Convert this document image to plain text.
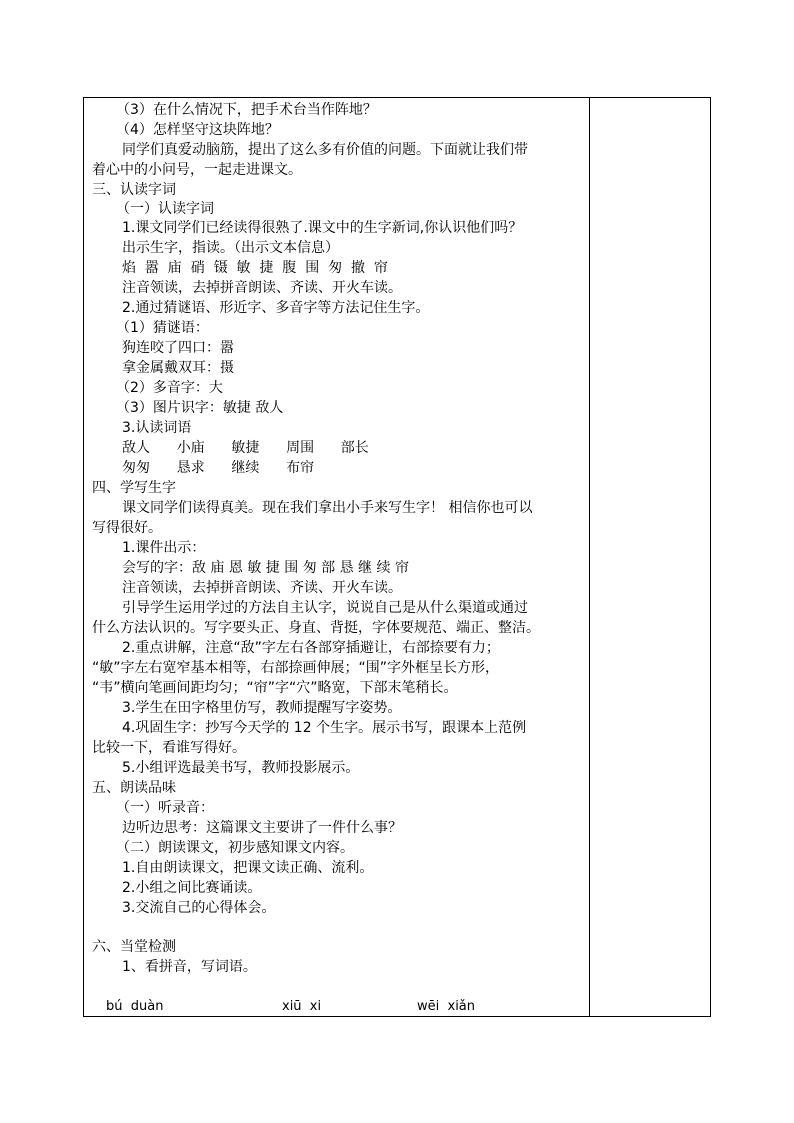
（3）在什么情况下，把手术台当作阵地？
（4）怎样坚守这块阵地？
同学们真爱动脑筋，提出了这么多有价值的问题。下面就让我们带
着心中的小问号，一起走进课文。
三、认读字词
（一）认读字词
1.课文同学们已经读得很熟了.课文中的生字新词,你认识他们吗？
出示生字，指读。（出示文本信息）
焰  嚣  庙  硝  镊  敏  捷  腹  围  匆  撤  帘
注音领读，去掉拼音朗读、齐读、开火车读。
2.通过猜谜语、形近字、多音字等方法记住生字。
（1）猜谜语：
狗连咬了四口：嚣
拿金属戴双耳：摄
（2）多音字：大
（3）图片识字：敏捷 敌人
3.认读词语
敌人      小庙      敏捷      周围      部长
匆匆      恳求      继续      布帘
四、学写生字
课文同学们读得真美。现在我们拿出小手来写生字！ 相信你也可以
写得很好。
1.课件出示：
会写的字：敌 庙 恩 敏 捷 围 匆 部 恳 继 续 帘
注音领读，去掉拼音朗读、齐读、开火车读。
引导学生运用学过的方法自主认字，说说自己是从什么渠道或通过
什么方法认识的。写字要头正、身直、背挺，字体要规范、端正、整洁。
2.重点讲解，注意“敌”字左右各部穿插避让，右部捺要有力；
“敏”字左右宽窄基本相等，右部捺画伸展；“围”字外框呈长方形，
“韦”横向笔画间距均匀；“帘”字“穴”略宽，下部末笔稍长。
3.学生在田字格里仿写，教师提醒写字姿势。
4.巩固生字：抄写今天学的 12 个生字。展示书写，跟课本上范例
比较一下，看谁写得好。
5.小组评选最美书写，教师投影展示。
五、朗读品味
（一）听录音：
边听边思考：这篇课文主要讲了一件什么事？
（二）朗读课文，初步感知课文内容。
1.自由朗读课文，把课文读正确、流利。
2.小组之间比赛诵读。
3.交流自己的心得体会。
六、当堂检测
1、看拼音，写词语。
bú  duàn	xiū  xi	wēi  xiǎn
